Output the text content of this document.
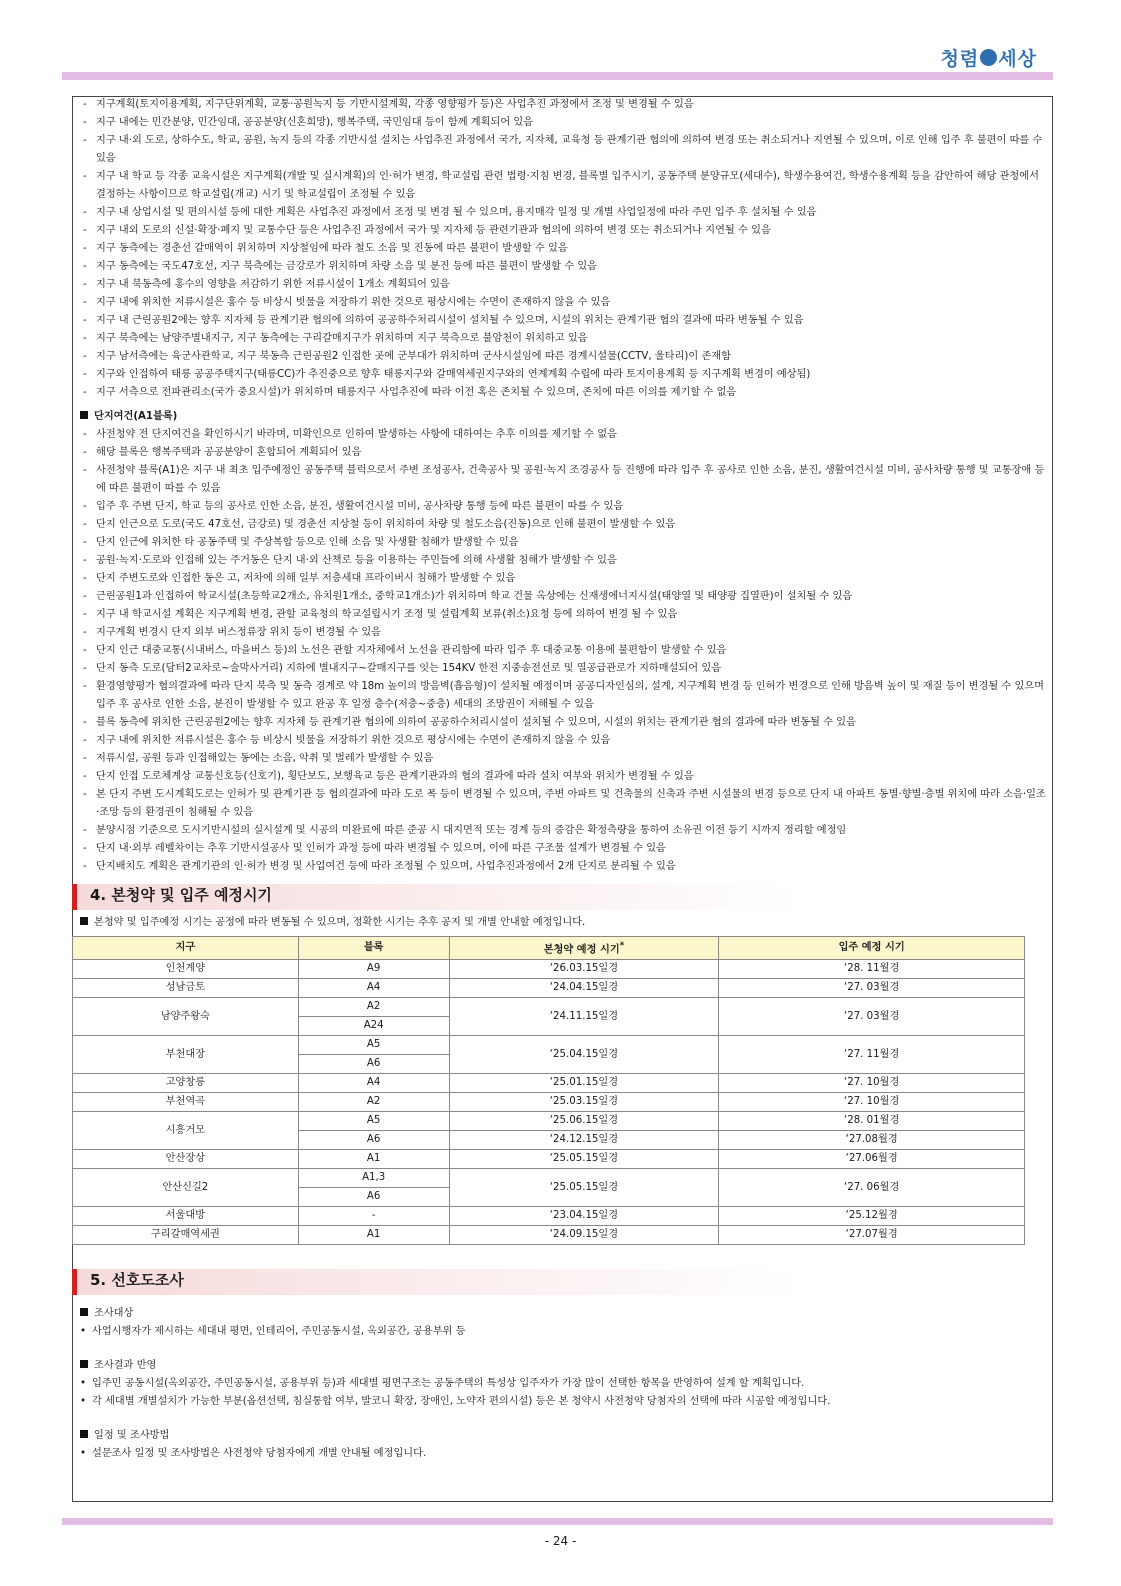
청렴 세상
- 지구계획(토지이용계획, 지구단위계획, 교통·공원녹지 등 기반시설계획, 각종 영향평가 등)은 사업추진 과정에서 조정 및 변경될 수 있음
- 지구 내에는 민간분양, 민간임대, 공공분양(신혼희망), 행복주택, 국민임대 등이 함께 계획되어 있음
- 지구 내·외 도로, 상하수도, 학교, 공원, 녹지 등의 각종 기반시설 설치는 사업추진 과정에서 국가, 지자체, 교육청 등 관계기관 협의에 의하여 변경 또는 취소되거나 지연될 수 있으며, 이로 인해 입주 후 불편이 따를 수 있음
- 지구 내 학교 등 각종 교육시설은 지구계획(개발 및 실시계획)의 인·허가 변경, 학교설립 관련 법령·지침 변경, 블록별 입주시기, 공동주택 분양규모(세대수), 학생수용여건, 학생수용계획 등을 감안하여 해당 관청에서 결정하는 사항이므로 학교설립(개교) 시기 및 학교설립이 조정될 수 있음
- 지구 내 상업시설 및 편의시설 등에 대한 계획은 사업추진 과정에서 조정 및 변경 될 수 있으며, 용지매각 일정 및 개별 사업일정에 따라 주민 입주 후 설치될 수 있음
- 지구 내외 도로의 신설·확장·폐지 및 교통수단 등은 사업추진 과정에서 국가 및 지자체 등 관련기관과 협의에 의하여 변경 또는 취소되거나 지연될 수 있음
- 지구 동측에는 경춘선 갈매역이 위치하며 지상철임에 따라 철도 소음 및 진동에 따른 불편이 발생할 수 있음
- 지구 동측에는 국도47호선, 지구 북측에는 금강로가 위치하며 차량 소음 및 분진 등에 따른 불편이 발생할 수 있음
- 지구 내 북동측에 홍수의 영향을 저감하기 위한 저류시설이 1개소 계획되어 있음
- 지구 내에 위치한 저류시설은 홍수 등 비상시 빗물을 저장하기 위한 것으로 평상시에는 수면이 존재하지 않을 수 있음
- 지구 내 근린공원2에는 향후 지자체 등 관계기관 협의에 의하여 공공하수처리시설이 설치될 수 있으며, 시설의 위치는 관계기관 협의 결과에 따라 변동될 수 있음
- 지구 북측에는 남양주별내지구, 지구 동측에는 구리갈매지구가 위치하며 지구 북측으로 불암천이 위치하고 있음
- 지구 남서측에는 육군사관학교, 지구 북동측 근린공원2 인접한 곳에 군부대가 위치하며 군사시설임에 따른 경계시설물(CCTV, 울타리)이 존재함
- 지구와 인접하여 태릉 공공주택지구(태릉CC)가 추진중으로 향후 태릉지구와 갈매역세권지구와의 연계계획 수립에 따라 토지이용계획 등 지구계획 변경이 예상됨)
- 지구 서측으로 전파관리소(국가 중요시설)가 위치하며 태릉지구 사업추진에 따라 이전 혹은 존치될 수 있으며, 존치에 따른 이의를 제기할 수 없음
단지여건(A1블록)
- 사전청약 전 단지여건을 확인하시기 바라며, 미확인으로 인하여 발생하는 사항에 대하여는 추후 이의를 제기할 수 없음
- 해당 블록은 행복주택과 공공분양이 혼합되어 계획되어 있음
- 사전청약 블록(A1)은 지구 내 최초 입주예정인 공동주택 블럭으로서 주변 조성공사, 건축공사 및 공원·녹지 조경공사 등 진행에 따라 입주 후 공사로 인한 소음, 분진, 생활여건시설 미비, 공사차량 통행 및 교통장애 등에 따른 불편이 따를 수 있음
- 입주 후 주변 단지, 학교 등의 공사로 인한 소음, 분진, 생활여건시설 미비, 공사차량 통행 등에 따른 불편이 따를 수 있음
- 단지 인근으로 도로(국도 47호선, 금강로) 및 경춘선 지상철 등이 위치하여 차량 및 철도소음(진동)으로 인해 불편이 발생할 수 있음
- 단지 인근에 위치한 타 공동주택 및 주상복합 등으로 인해 소음 및 사생활 침해가 발생할 수 있음
- 공원·녹지·도로와 인접해 있는 주거동은 단지 내·외 산책로 등을 이용하는 주민들에 의해 사생활 침해가 발생할 수 있음
- 단지 주변도로와 인접한 동은 고, 저차에 의해 일부 저층세대 프라이버시 침해가 발생할 수 있음
- 근린공원1과 인접하여 학교시설(초등학교2개소, 유치원1개소, 중학교1개소)가 위치하며 학교 건물 옥상에는 신재생에너지시설(태양열 및 태양광 집열판)이 설치될 수 있음
- 지구 내 학교시설 계획은 지구계획 변경, 관할 교육청의 학교설립시기 조정 및 설립계획 보류(취소)요청 등에 의하여 변경 될 수 있음
- 지구계획 변경시 단지 외부 버스정류장 위치 등이 변경될 수 있음
- 단지 인근 대중교통(시내버스, 마을버스 등)의 노선은 관할 지자체에서 노선을 관리함에 따라 입주 후 대중교통 이용에 불편함이 발생할 수 있음
- 단지 동측 도로(담터2교차로~술막사거리) 지하에 별내지구~갈매지구를 잇는 154KV 한전 지중송전선로 및 열공급관로가 지하매설되어 있음
- 환경영향평가 협의결과에 따라 단지 북측 및 동측 경계로 약 18m 높이의 방음벽(흡음형)이 설치될 예정이며 공공디자인심의, 설계, 지구계획 변경 등 인허가 변경으로 인해 방음벽 높이 및 재질 등이 변경될 수 있으며 입주 후 공사로 인한 소음, 분진이 발생할 수 있고 완공 후 일정 층수(저층~중층) 세대의 조망권이 저해될 수 있음
- 블록 동측에 위치한 근린공원2에는 향후 지자체 등 관계기관 협의에 의하여 공공하수처리시설이 설치될 수 있으며, 시설의 위치는 관계기관 협의 결과에 따라 변동될 수 있음
- 지구 내에 위치한 저류시설은 홍수 등 비상시 빗물을 저장하기 위한 것으로 평상시에는 수면이 존재하지 않을 수 있음
- 저류시설, 공원 등과 인접해있는 동에는 소음, 악취 및 벌레가 발생할 수 있음
- 단지 인접 도로체계상 교통신호등(신호기), 횡단보도, 보행육교 등은 관계기관과의 협의 결과에 따라 설치 여부와 위치가 변경될 수 있음
- 본 단지 주변 도시계획도로는 인허가 및 관계기관 등 협의결과에 따라 도로 폭 등이 변경될 수 있으며, 주변 아파트 및 건축물의 신축과 주변 시설물의 변경 등으로 단지 내 아파트 동별·향별·층별 위치에 따라 소음·일조·조망 등의 환경권이 침해될 수 있음
- 분양시점 기준으로 도시기반시설의 실시설계 및 시공의 미완료에 따른 준공 시 대지면적 또는 경계 등의 증감은 확정측량을 통하여 소유권 이전 등기 시까지 정리할 예정임
- 단지 내·외부 레벨차이는 추후 기반시설공사 및 인허가 과정 등에 따라 변경될 수 있으며, 이에 따른 구조물 설계가 변경될 수 있음
- 단지배치도 계획은 관계기관의 인·허가 변경 및 사업여건 등에 따라 조정될 수 있으며, 사업추진과정에서 2개 단지로 분리될 수 있음
4. 본청약 및 입주 예정시기
본청약 및 입주예정 시기는 공정에 따라 변동될 수 있으며, 정확한 시기는 추후 공지 및 개별 안내할 예정입니다.
지구	블록	본청약 예정 시기*	입주 예정 시기
인천계양	A9	‘26.03.15일경	‘28. 11월경
성남금토	A4	‘24.04.15일경	‘27. 03월경
남양주왕숙	A2	‘24.11.15일경	‘27. 03월경
	A24		
부천대장	A5	‘25.04.15일경	‘27. 11월경
	A6		
고양창릉	A4	‘25.01.15일경	‘27. 10월경
부천역곡	A2	‘25.03.15일경	‘27. 10월경
시흥거모	A5	‘25.06.15일경	‘28. 01월경
	A6	‘24.12.15일경	‘27.08월경
안산장상	A1	‘25.05.15일경	‘27.06월경
안산신길2	A1,3	‘25.05.15일경	‘27. 06월경
	A6		
서울대방	-	‘23.04.15일경	‘25.12월경
구리갈매역세권	A1	‘24.09.15일경	‘27.07월경
5. 선호도조사
조사대상
• 사업시행자가 제시하는 세대내 평면, 인테리어, 주민공동시설, 옥외공간, 공용부위 등
조사결과 반영
• 입주민 공동시설(옥외공간, 주민공동시설, 공용부위 등)과 세대별 평면구조는 공동주택의 특성상 입주자가 가장 많이 선택한 항목을 반영하여 설계 할 계획입니다.
• 각 세대별 개별설치가 가능한 부분(옵션선택, 침실통합 여부, 발코니 확장, 장애인, 노약자 편의시설) 등은 본 청약시 사전청약 당첨자의 선택에 따라 시공할 예정입니다.
일정 및 조사방법
• 설문조사 일정 및 조사방법은 사전청약 당첨자에게 개별 안내될 예정입니다.
- 24 -
